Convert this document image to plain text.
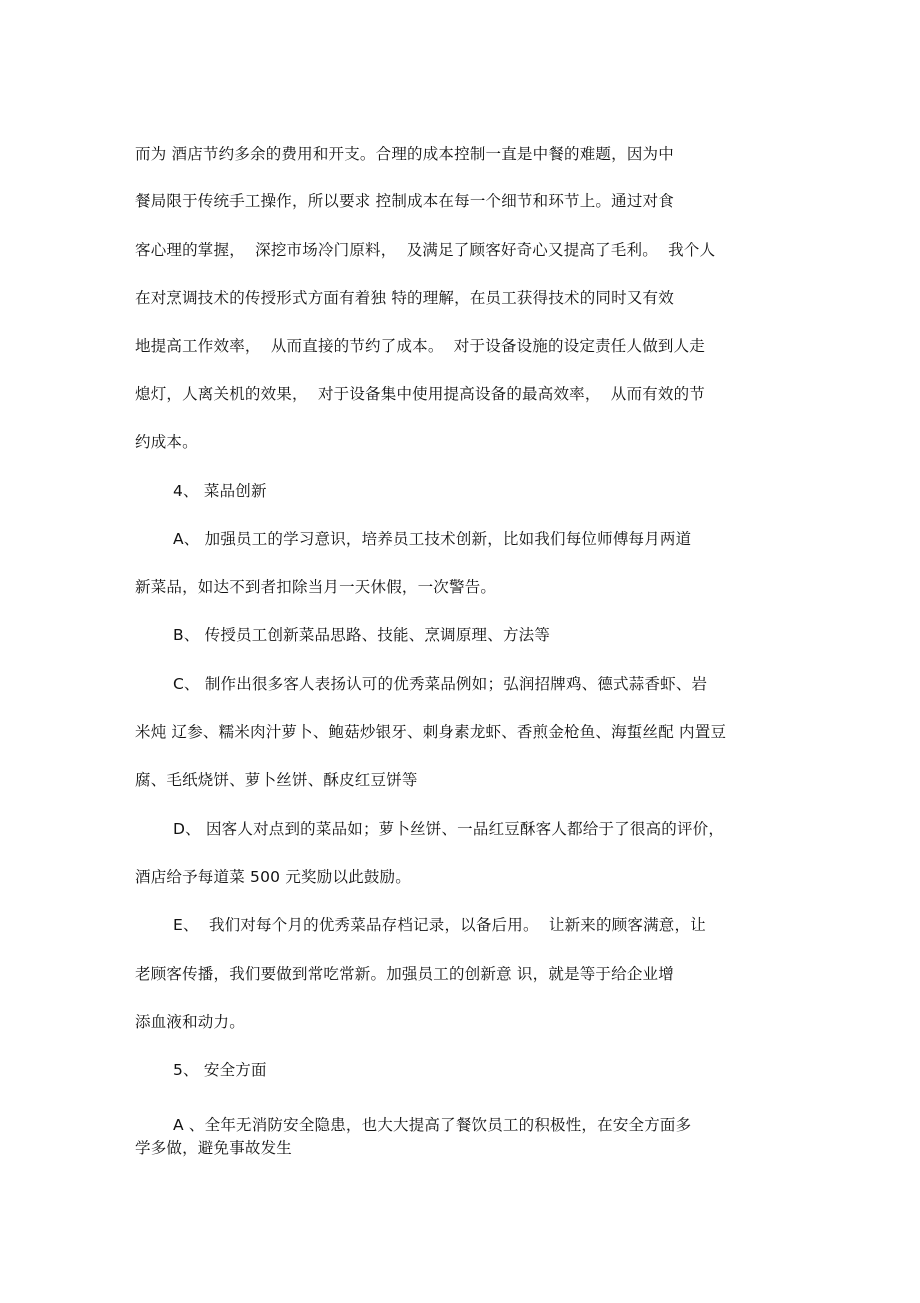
而为 酒店节约多余的费用和开支。合理的成本控制一直是中餐的难题，因为中
餐局限于传统手工操作，所以要求 控制成本在每一个细节和环节上。通过对食
客心理的掌握，  深挖市场冷门原料，  及满足了顾客好奇心又提高了毛利。  我个人
在对烹调技术的传授形式方面有着独 特的理解，在员工获得技术的同时又有效
地提高工作效率，  从而直接的节约了成本。  对于设备设施的设定责任人做到人走
熄灯，人离关机的效果，  对于设备集中使用提高设备的最高效率，  从而有效的节
约成本。
4、 菜品创新
A、 加强员工的学习意识，培养员工技术创新，比如我们每位师傅每月两道
新菜品，如达不到者扣除当月一天休假，一次警告。
B、 传授员工创新菜品思路、技能、烹调原理、方法等
C、 制作出很多客人表扬认可的优秀菜品例如；弘润招牌鸡、德式蒜香虾、岩
米炖 辽参、糯米肉汁萝卜、鲍菇炒银牙、刺身素龙虾、香煎金枪鱼、海蜇丝配 内置豆
腐、毛纸烧饼、萝卜丝饼、酥皮红豆饼等
D、 因客人对点到的菜品如；萝卜丝饼、一品红豆酥客人都给于了很高的评价，
酒店给予每道菜 500 元奖励以此鼓励。
E、  我们对每个月的优秀菜品存档记录，以备后用。  让新来的顾客满意，让
老顾客传播，我们要做到常吃常新。加强员工的创新意 识，就是等于给企业增
添血液和动力。
5、 安全方面
A 、全年无消防安全隐患，也大大提高了餐饮员工的积极性，在安全方面多
学多做，避免事故发生
